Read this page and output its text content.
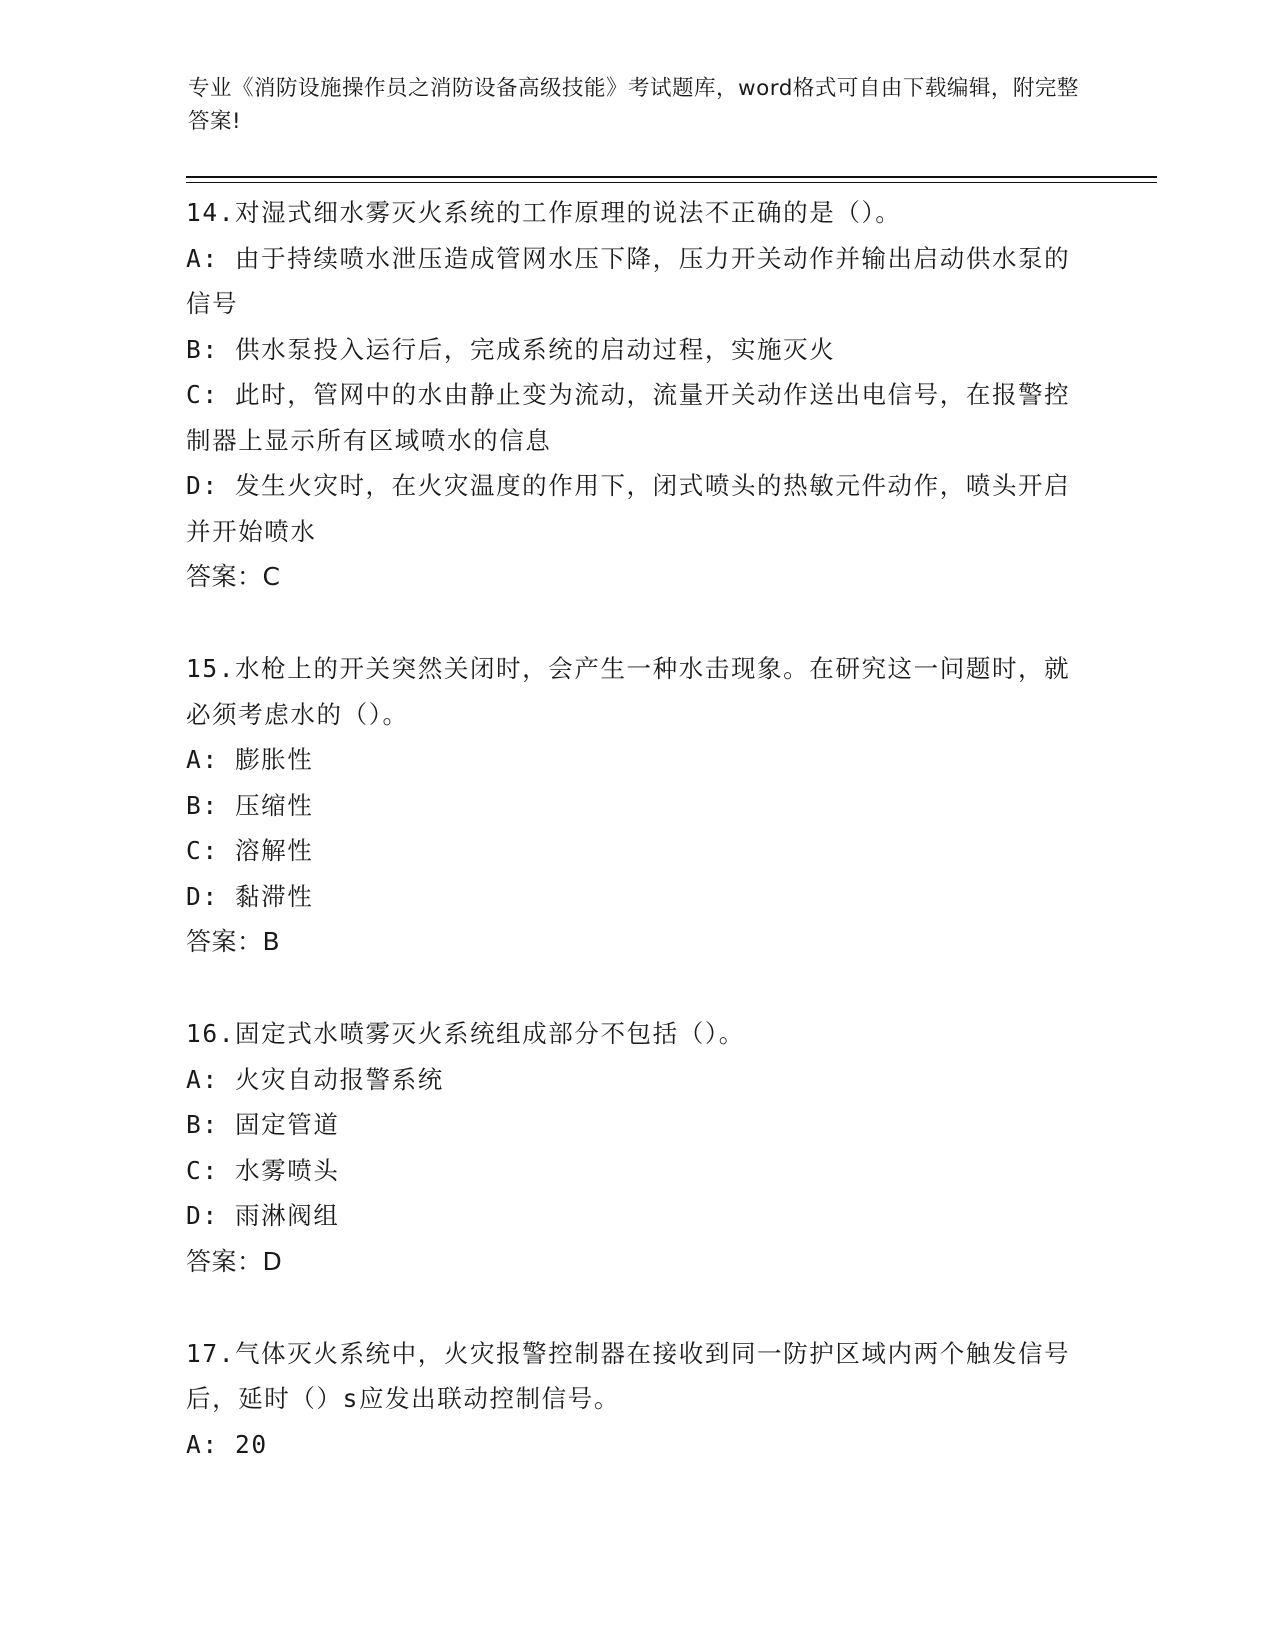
专业《消防设施操作员之消防设备高级技能》考试题库，word格式可自由下载编辑，附完整答案!
14.对湿式细水雾灭火系统的工作原理的说法不正确的是（）。
A: 由于持续喷水泄压造成管网水压下降，压力开关动作并输出启动供水泵的信号
B: 供水泵投入运行后，完成系统的启动过程，实施灭火
C: 此时，管网中的水由静止变为流动，流量开关动作送出电信号，在报警控制器上显示所有区域喷水的信息
D: 发生火灾时，在火灾温度的作用下，闭式喷头的热敏元件动作，喷头开启并开始喷水
答案：C
15.水枪上的开关突然关闭时，会产生一种水击现象。在研究这一问题时，就必须考虑水的（）。
A: 膨胀性
B: 压缩性
C: 溶解性
D: 黏滞性
答案：B
16.固定式水喷雾灭火系统组成部分不包括（）。
A: 火灾自动报警系统
B: 固定管道
C: 水雾喷头
D: 雨淋阀组
答案：D
17.气体灭火系统中，火灾报警控制器在接收到同一防护区域内两个触发信号后，延时（）s应发出联动控制信号。
A: 20
